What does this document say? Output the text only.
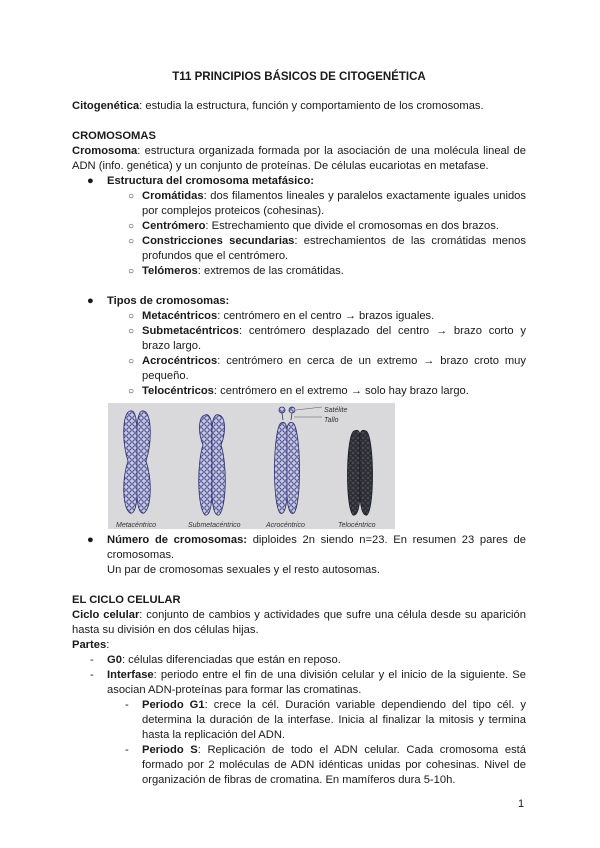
T11 PRINCIPIOS BÁSICOS DE CITOGENÉTICA

Citogenética: estudia la estructura, función y comportamiento de los cromosomas.

CROMOSOMAS

Cromosoma: estructura organizada formada por la asociación de una molécula lineal de ADN (info. genética) y un conjunto de proteínas. De células eucariotas en metafase.

● Estructura del cromosoma metafásico:
○ Cromátidas: dos filamentos lineales y paralelos exactamente iguales unidos por complejos proteicos (cohesinas).
○ Centrómero: Estrechamiento que divide el cromosomas en dos brazos.
○ Constricciones secundarias: estrechamientos de las cromátidas menos profundos que el centrómero.
○ Telómeros: extremos de las cromátidas.
● Tipos de cromosomas:
○ Metacéntricos: centrómero en el centro → brazos iguales.
○ Submetacéntricos: centrómero desplazado del centro → brazo corto y brazo largo.
○ Acrocéntricos: centrómero en cerca de un extremo → brazo croto muy pequeño.
○ Telocéntricos: centrómero en el extremo → solo hay brazo largo.
Satélite
Tallo
Metacéntrico	Submetacéntrico	Acrocéntrico	Telocéntrico
● Número de cromosomas: diploides 2n siendo n=23. En resumen 23 pares de cromosomas.
Un par de cromosomas sexuales y el resto autosomas.

EL CICLO CELULAR

Ciclo celular: conjunto de cambios y actividades que sufre una célula desde su aparición hasta su división en dos células hijas.

Partes:

- G0: células diferenciadas que están en reposo.
- Interfase: periodo entre el fin de una división celular y el inicio de la siguiente. Se asocian ADN-proteínas para formar las cromatinas.
- Periodo G1: crece la cél. Duración variable dependiendo del tipo cél. y determina la duración de la interfase. Inicia al finalizar la mitosis y termina hasta la replicación del ADN.
- Periodo S: Replicación de todo el ADN celular. Cada cromosoma está formado por 2 moléculas de ADN idénticas unidas por cohesinas. Nivel de organización de fibras de cromatina. En mamíferos dura 5-10h.
1
